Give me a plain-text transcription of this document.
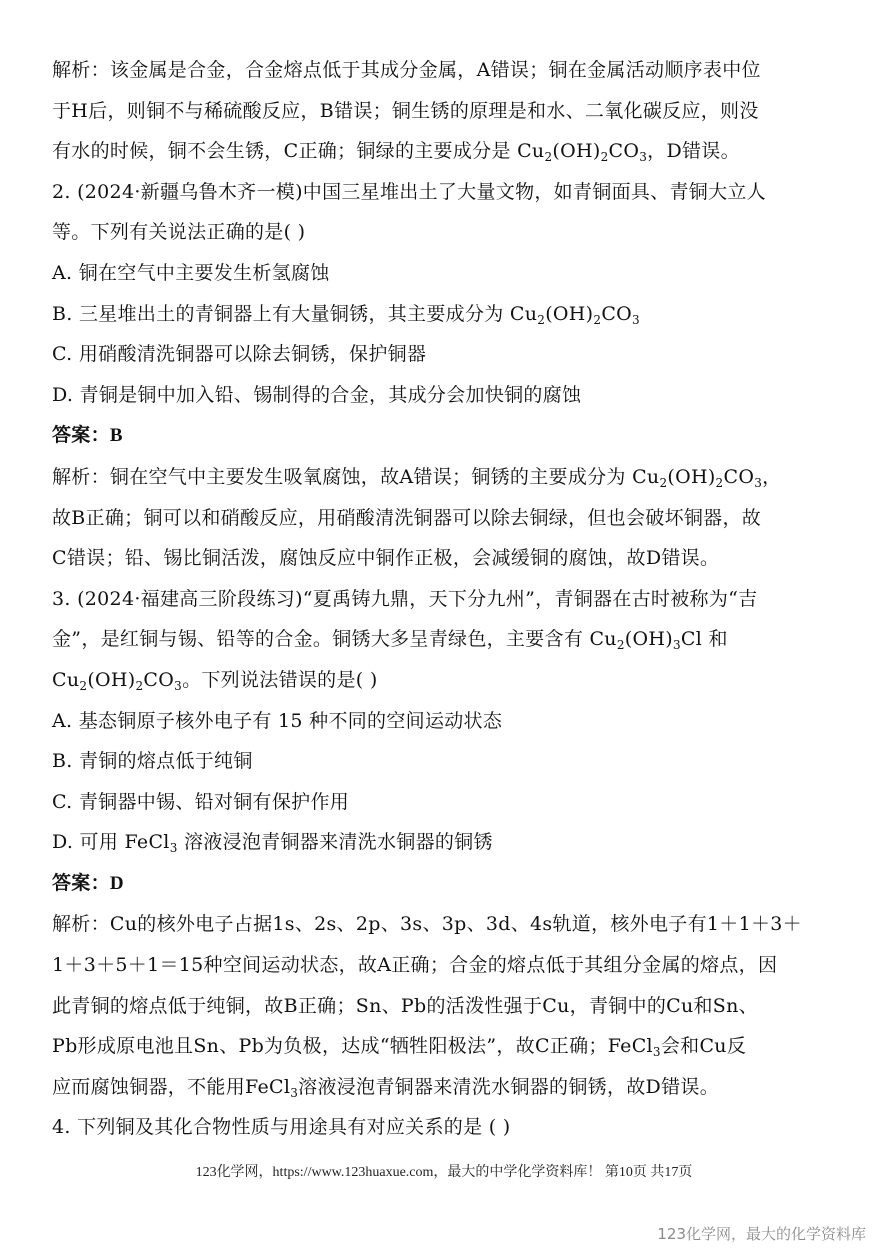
解析：该金属是合金，合金熔点低于其成分金属，A错误；铜在金属活动顺序表中位
于H后，则铜不与稀硫酸反应，B错误；铜生锈的原理是和水、二氧化碳反应，则没
有水的时候，铜不会生锈，C正确；铜绿的主要成分是 $Cu_2(OH)_2CO_3$，D错误。
2. (2024·新疆乌鲁木齐一模)中国三星堆出土了大量文物，如青铜面具、青铜大立人
等。下列有关说法正确的是( )
A. 铜在空气中主要发生析氢腐蚀
B. 三星堆出土的青铜器上有大量铜锈，其主要成分为 $Cu_2(OH)_2CO_3$
C. 用硝酸清洗铜器可以除去铜锈，保护铜器
D. 青铜是铜中加入铅、锡制得的合金，其成分会加快铜的腐蚀
答案：B
解析：铜在空气中主要发生吸氧腐蚀，故A错误；铜锈的主要成分为 $Cu_2(OH)_2CO_3$，
故B正确；铜可以和硝酸反应，用硝酸清洗铜器可以除去铜绿，但也会破坏铜器，故
C错误；铅、锡比铜活泼，腐蚀反应中铜作正极，会减缓铜的腐蚀，故D错误。
3. (2024·福建高三阶段练习)“夏禹铸九鼎，天下分九州”，青铜器在古时被称为“吉
金”，是红铜与锡、铅等的合金。铜锈大多呈青绿色，主要含有 $Cu_2(OH)_3Cl$ 和
$Cu_2(OH)_2CO_3$。下列说法错误的是( )
A. 基态铜原子核外电子有 15 种不同的空间运动状态
B. 青铜的熔点低于纯铜
C. 青铜器中锡、铅对铜有保护作用
D. 可用 FeCl$_3$ 溶液浸泡青铜器来清洗水铜器的铜锈
答案：D
解析：Cu的核外电子占据1s、2s、2p、3s、3p、3d、4s轨道，核外电子有1＋1＋3＋
1＋3＋5＋1＝15种空间运动状态，故A正确；合金的熔点低于其组分金属的熔点，因
此青铜的熔点低于纯铜，故B正确；Sn、Pb的活泼性强于Cu，青铜中的Cu和Sn、
Pb形成原电池且Sn、Pb为负极，达成“牺牲阳极法”，故C正确；FeCl$_3$会和Cu反
应而腐蚀铜器，不能用FeCl$_3$溶液浸泡青铜器来清洗水铜器的铜锈，故D错误。
4. 下列铜及其化合物性质与用途具有对应关系的是 ( )
123化学网，https://www.123huaxue.com，最大的中学化学资料库！ 第10页 共17页
123化学网，最大的化学资料库
